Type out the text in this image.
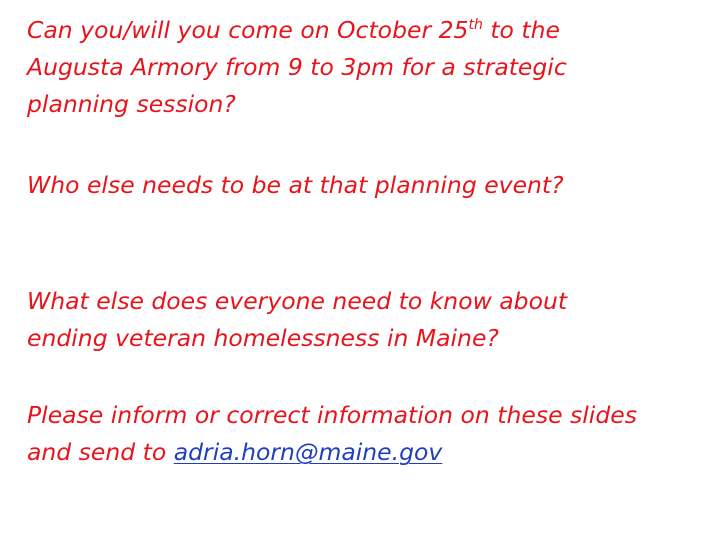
Can you/will you come on October 25th to the
Augusta Armory from 9 to 3pm for a strategic
planning session?

Who else needs to be at that planning event?

What else does everyone need to know about
ending veteran homelessness in Maine?

Please inform or correct information on these slides
and send to adria.horn@maine.gov
